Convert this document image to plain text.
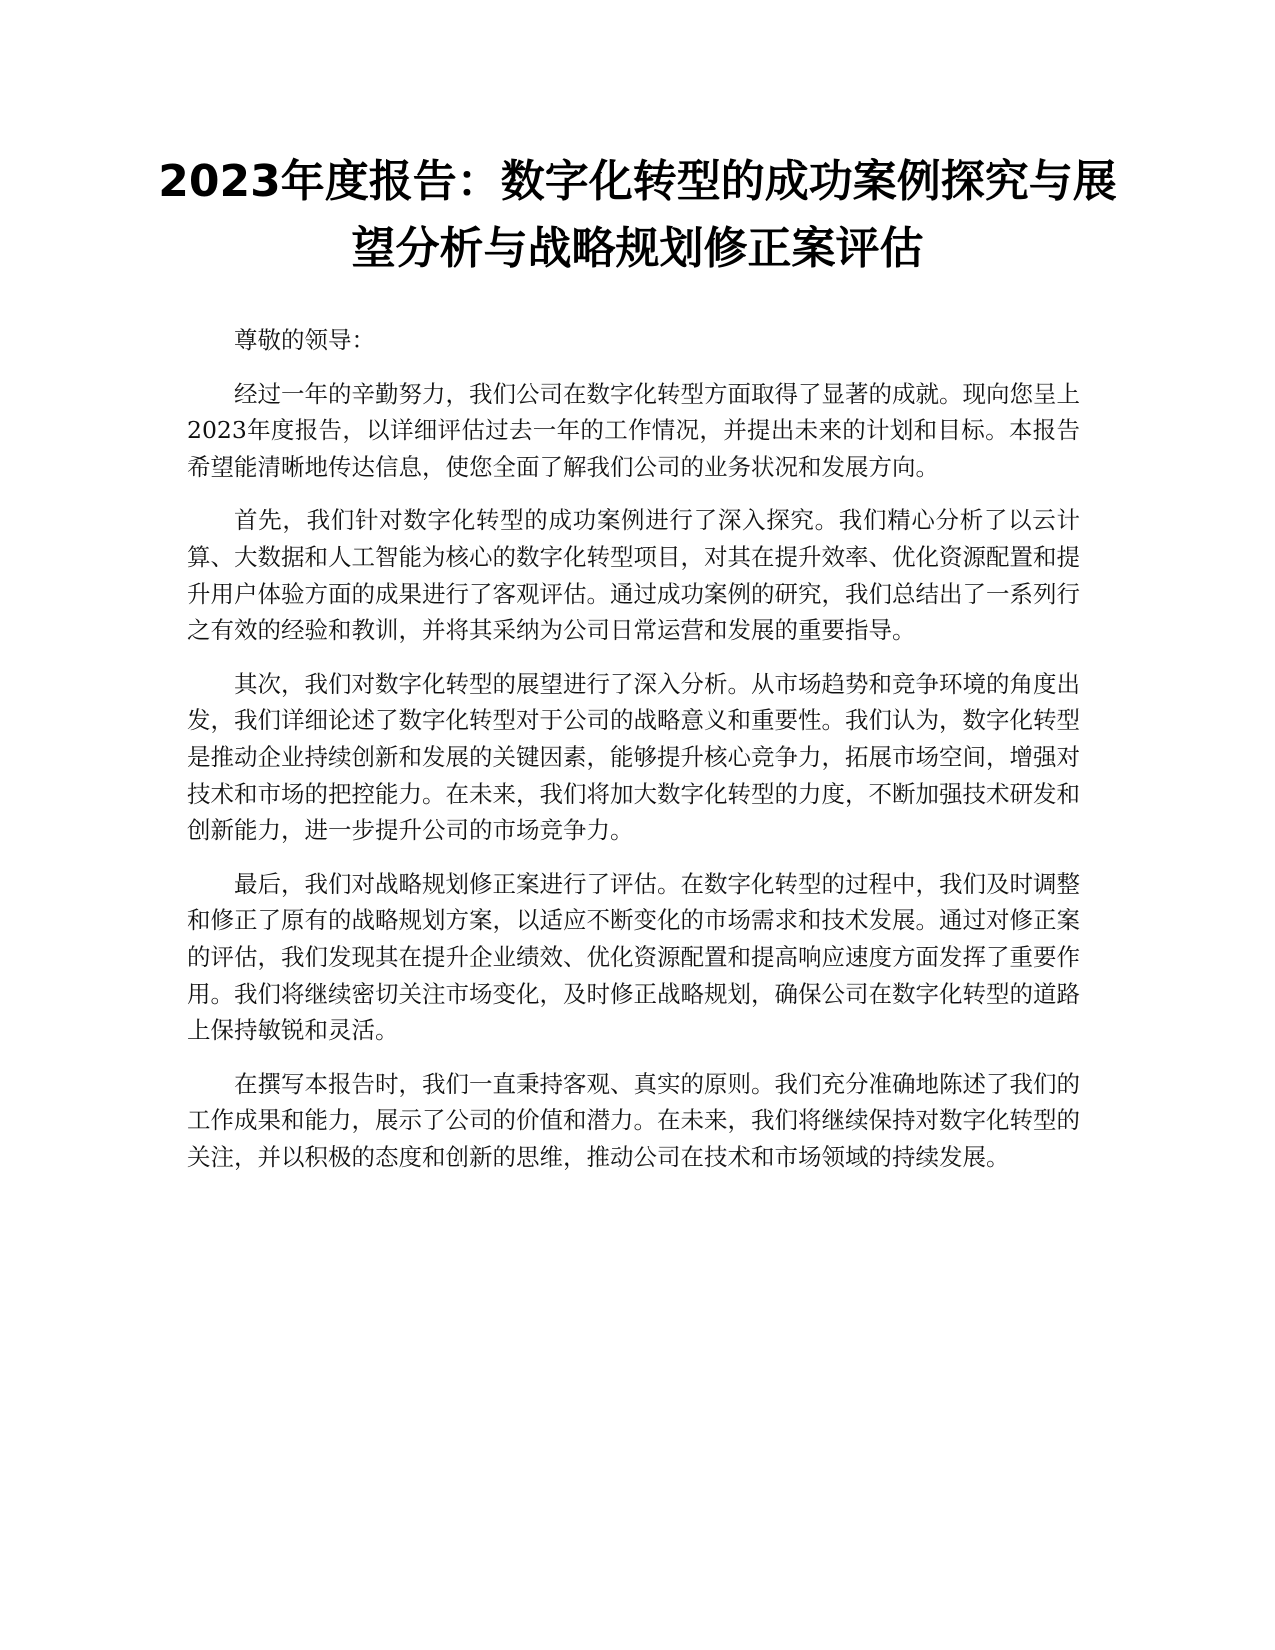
2023年度报告：数字化转型的成功案例探究与展望分析与战略规划修正案评估

尊敬的领导：

经过一年的辛勤努力，我们公司在数字化转型方面取得了显著的成就。现向您呈上2023年度报告，以详细评估过去一年的工作情况，并提出未来的计划和目标。本报告希望能清晰地传达信息，使您全面了解我们公司的业务状况和发展方向。

首先，我们针对数字化转型的成功案例进行了深入探究。我们精心分析了以云计算、大数据和人工智能为核心的数字化转型项目，对其在提升效率、优化资源配置和提升用户体验方面的成果进行了客观评估。通过成功案例的研究，我们总结出了一系列行之有效的经验和教训，并将其采纳为公司日常运营和发展的重要指导。

其次，我们对数字化转型的展望进行了深入分析。从市场趋势和竞争环境的角度出发，我们详细论述了数字化转型对于公司的战略意义和重要性。我们认为，数字化转型是推动企业持续创新和发展的关键因素，能够提升核心竞争力，拓展市场空间，增强对技术和市场的把控能力。在未来，我们将加大数字化转型的力度，不断加强技术研发和创新能力，进一步提升公司的市场竞争力。

最后，我们对战略规划修正案进行了评估。在数字化转型的过程中，我们及时调整和修正了原有的战略规划方案，以适应不断变化的市场需求和技术发展。通过对修正案的评估，我们发现其在提升企业绩效、优化资源配置和提高响应速度方面发挥了重要作用。我们将继续密切关注市场变化，及时修正战略规划，确保公司在数字化转型的道路上保持敏锐和灵活。

在撰写本报告时，我们一直秉持客观、真实的原则。我们充分准确地陈述了我们的工作成果和能力，展示了公司的价值和潜力。在未来，我们将继续保持对数字化转型的关注，并以积极的态度和创新的思维，推动公司在技术和市场领域的持续发展。
